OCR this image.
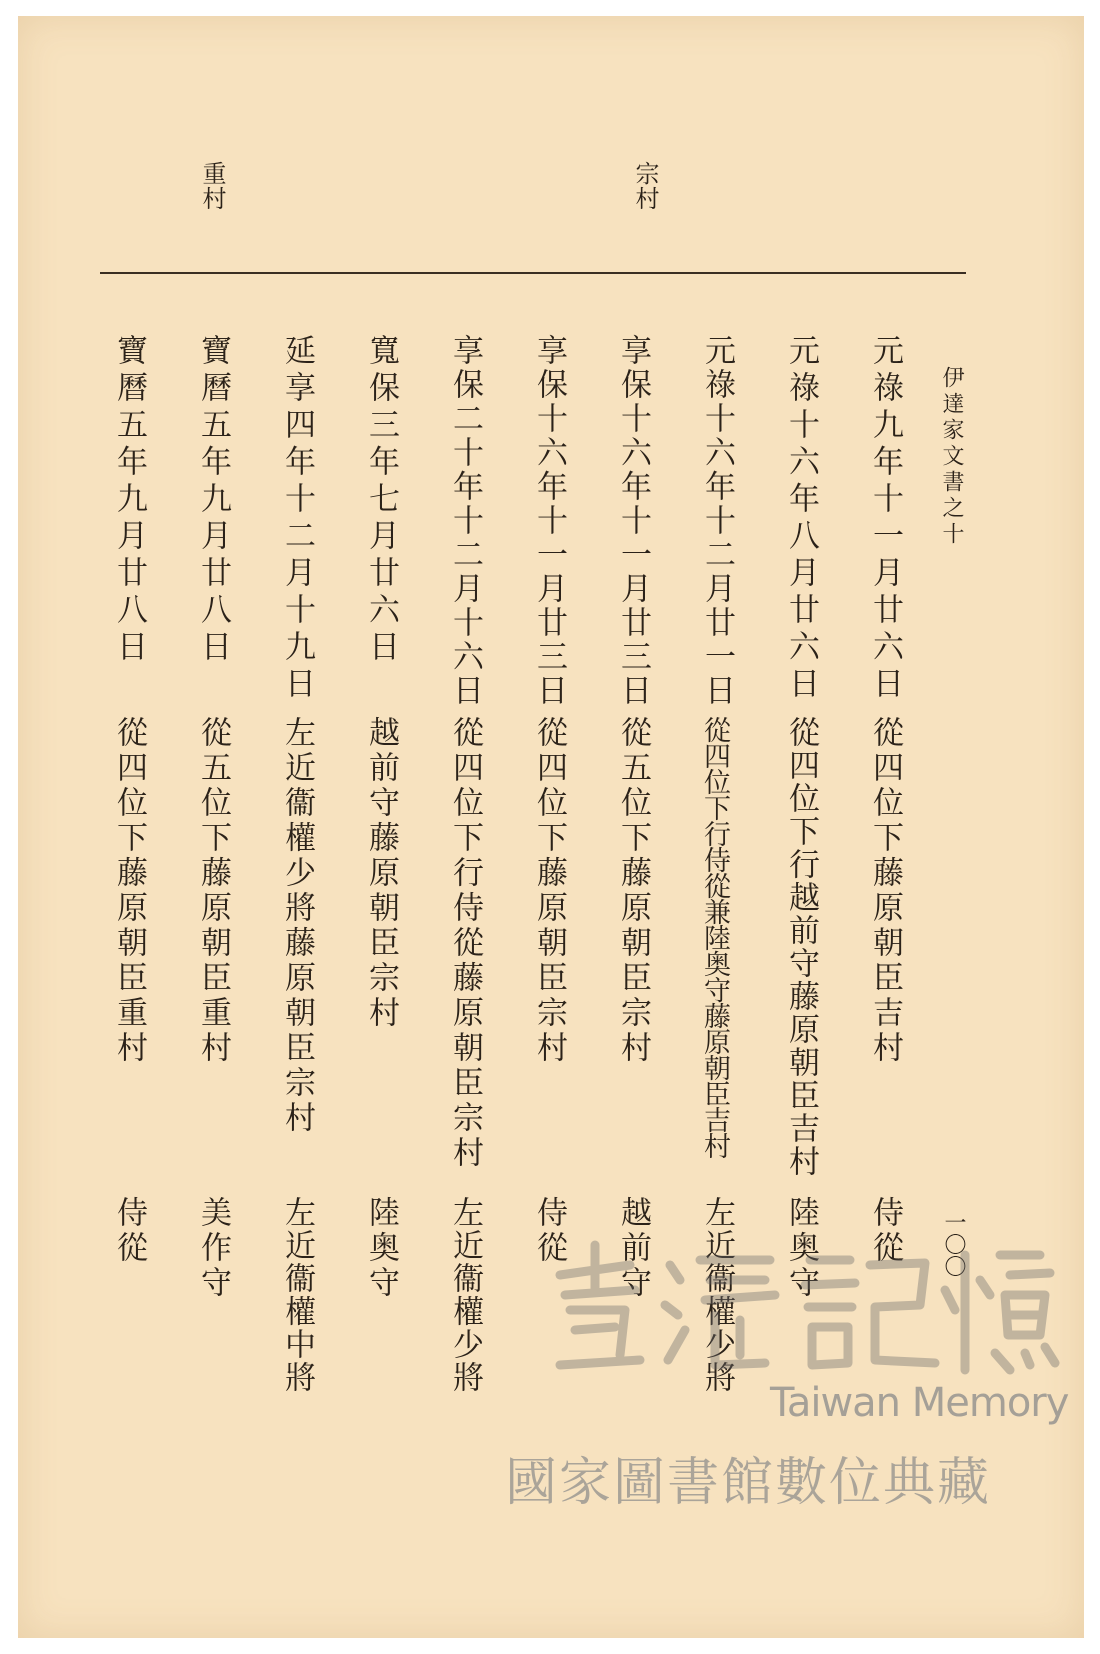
宗村
重村
伊達家文書之十
一〇〇
元祿九年十一月廿六日
從四位下藤原朝臣吉村
侍從
元祿十六年八月廿六日
從四位下行越前守藤原朝臣吉村
陸奥守
元祿十六年十二月廿一日
從四位下行侍從兼陸奥守藤原朝臣吉村
左近衞權少將
享保十六年十一月廿三日
從五位下藤原朝臣宗村
越前守
享保十六年十一月廿三日
從四位下藤原朝臣宗村
侍從
享保二十年十二月十六日
從四位下行侍從藤原朝臣宗村
左近衞權少將
寬保三年七月廿六日
越前守藤原朝臣宗村
陸奥守
延享四年十二月十九日
左近衞權少將藤原朝臣宗村
左近衞權中將
寶曆五年九月廿八日
從五位下藤原朝臣重村
美作守
寶曆五年九月廿八日
從四位下藤原朝臣重村
侍從
Taiwan Memory
國家圖書館數位典藏
